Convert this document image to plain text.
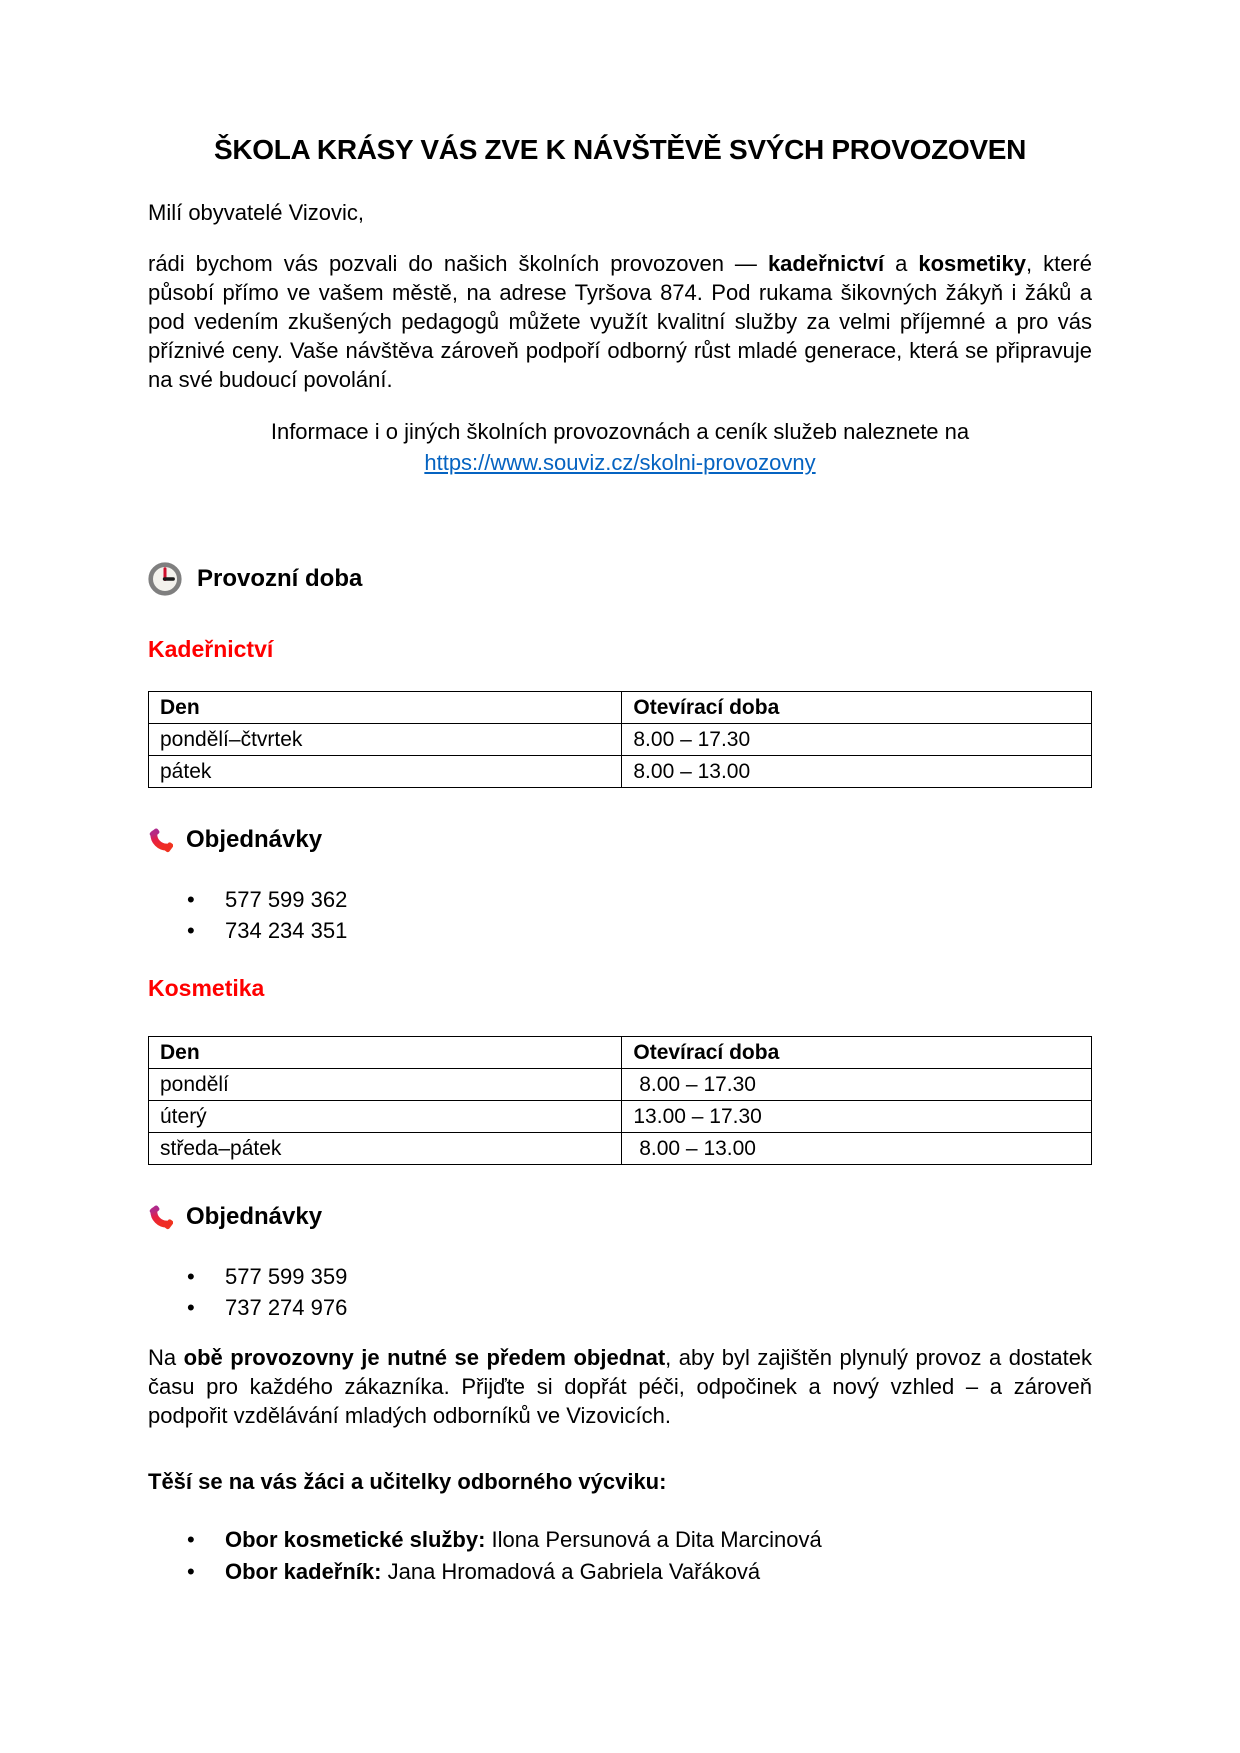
ŠKOLA KRÁSY VÁS ZVE K NÁVŠTĚVĚ SVÝCH PROVOZOVEN

Milí obyvatelé Vizovic,

rádi bychom vás pozvali do našich školních provozoven — kadeřnictví a kosmetiky, které působí přímo ve vašem městě, na adrese Tyršova 874. Pod rukama šikovných žákyň i žáků a pod vedením zkušených pedagogů můžete využít kvalitní služby za velmi příjemné a pro vás příznivé ceny. Vaše návštěva zároveň podpoří odborný růst mladé generace, která se připravuje na své budoucí povolání.

Informace i o jiných školních provozovnách a ceník služeb naleznete na
https://www.souviz.cz/skolni-provozovny
Provozní doba
Kadeřnictví
Den	Otevírací doba
pondělí–čtvrtek	8.00 – 17.30
pátek	8.00 – 13.00
Objednávky
• 577 599 362
• 734 234 351
Kosmetika
Den	Otevírací doba
pondělí	8.00 – 17.30
úterý	13.00 – 17.30
středa–pátek	8.00 – 13.00
Objednávky
• 577 599 359
• 737 274 976

Na obě provozovny je nutné se předem objednat, aby byl zajištěn plynulý provoz a dostatek času pro každého zákazníka. Přijďte si dopřát péči, odpočinek a nový vzhled – a zároveň podpořit vzdělávání mladých odborníků ve Vizovicích.

Těší se na vás žáci a učitelky odborného výcviku:
• Obor kosmetické služby: Ilona Persunová a Dita Marcinová
• Obor kadeřník: Jana Hromadová a Gabriela Vařáková
